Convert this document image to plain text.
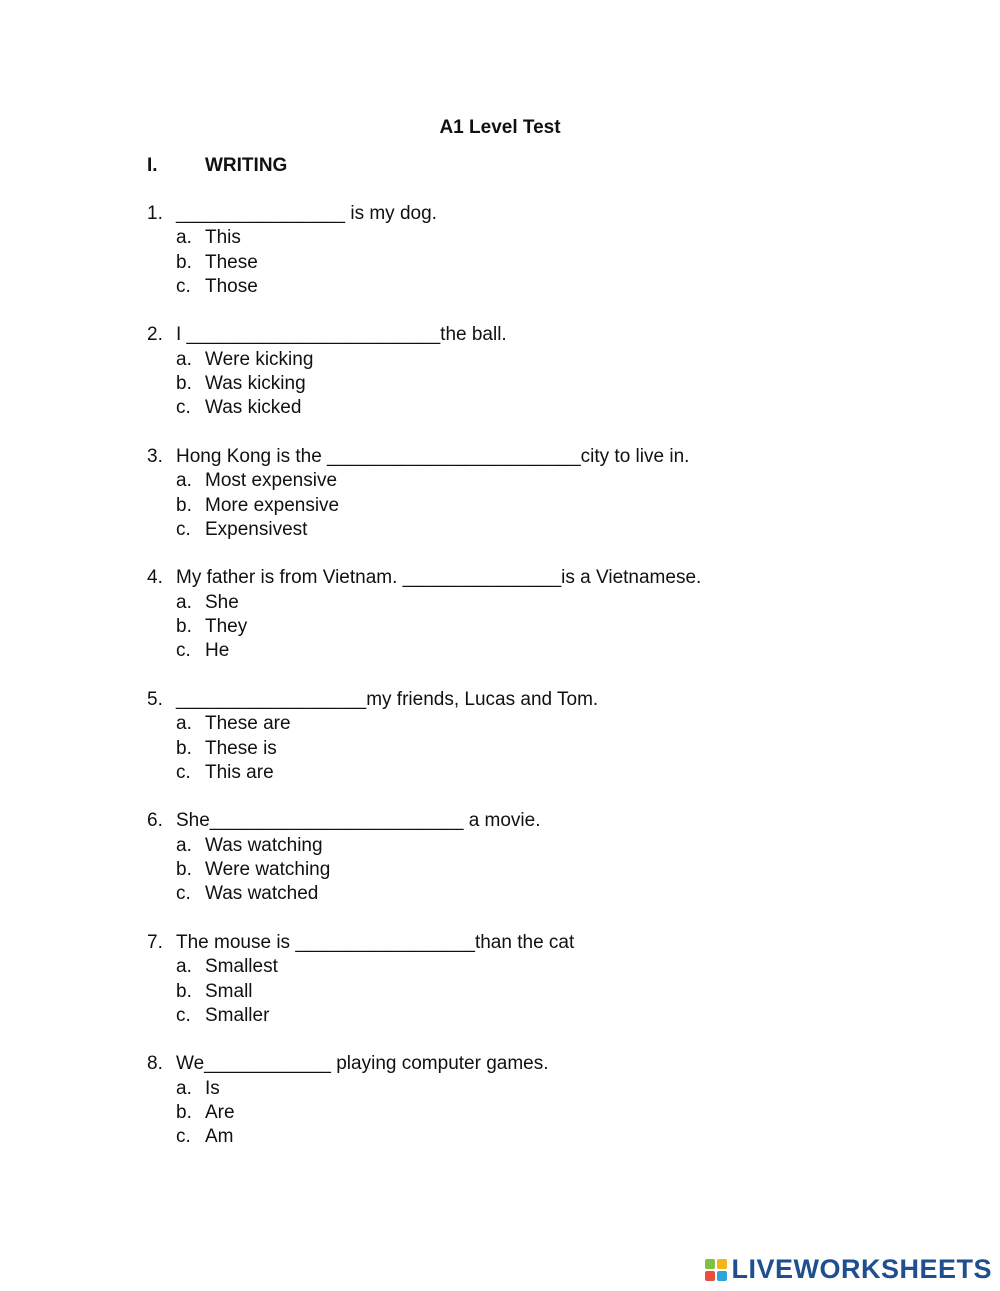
A1 Level Test
I. WRITING
1. ________________ is my dog.
a. This
b. These
c. Those
2. I ________________________the ball.
a. Were kicking
b. Was kicking
c. Was kicked
3. Hong Kong is the ________________________city to live in.
a. Most expensive
b. More expensive
c. Expensivest
4. My father is from Vietnam. _______________is a Vietnamese.
a. She
b. They
c. He
5. __________________my friends, Lucas and Tom.
a. These are
b. These is
c. This are
6. She________________________ a movie.
a. Was watching
b. Were watching
c. Was watched
7. The mouse is _________________than the cat
a. Smallest
b. Small
c. Smaller
8. We____________ playing computer games.
a. Is
b. Are
c. Am
LIVEWORKSHEETS
